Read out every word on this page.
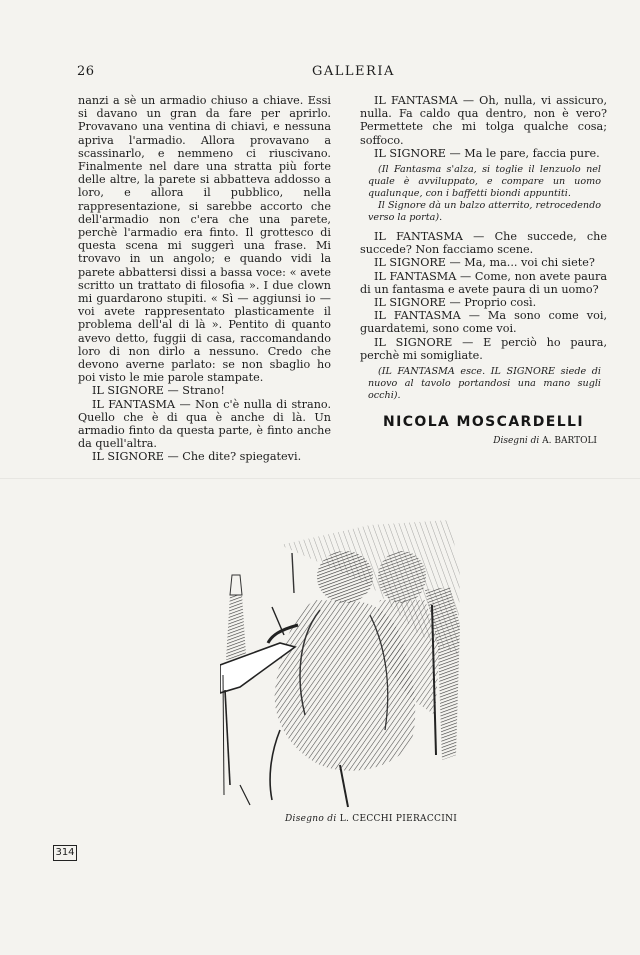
26	GALLERIA

nanzi a sè un armadio chiuso a chiave. Essi si davano un gran da fare per aprirlo. Provavano una ventina di chiavi, e nessuna apriva l'armadio. Allora provavano a scassinarlo, e nemmeno ci riuscivano. Finalmente nel dare una stratta più forte delle altre, la parete si abbatteva addosso a loro, e allora il pubblico, nella rappresentazione, si sarebbe accorto che dell'armadio non c'era che una parete, perchè l'armadio era finto. Il grottesco di questa scena mi suggerì una frase. Mi trovavo in un angolo; e quando vidi la parete abbattersi dissi a bassa voce: « avete scritto un trattato di filosofia ». I due clown mi guardarono stupiti. « Sì — aggiunsi io — voi avete rappresentato plasticamente il problema dell'al di là ». Pentito di quanto avevo detto, fuggii di casa, raccomandando loro di non dirlo a nessuno. Credo che devono averne parlato: se non sbaglio ho poi visto le mie parole stampate.

IL SIGNORE — Strano!

IL FANTASMA — Non c'è nulla di strano. Quello che è di qua è anche di là. Un armadio finto da questa parte, è finto anche da quell'altra.

IL SIGNORE — Che dite? spiegatevi.

IL FANTASMA — Oh, nulla, vi assicuro, nulla. Fa caldo qua dentro, non è vero? Permettete che mi tolga qualche cosa; soffoco.

IL SIGNORE — Ma le pare, faccia pure.

(Il Fantasma s'alza, si toglie il lenzuolo nel quale è avviluppato, e compare un uomo qualunque, con i baffetti biondi appuntiti.

Il Signore dà un balzo atterrito, retrocedendo verso la porta).

IL FANTASMA — Che succede, che succede? Non facciamo scene.

IL SIGNORE — Ma, ma... voi chi siete?

IL FANTASMA — Come, non avete paura di un fantasma e avete paura di un uomo?

IL SIGNORE — Proprio così.

IL FANTASMA — Ma sono come voi, guardatemi, sono come voi.

IL SIGNORE — E perciò ho paura, perchè mi somigliate.

(IL FANTASMA esce. IL SIGNORE siede di nuovo al tavolo portandosi una mano sugli occhi).

NICOLA MOSCARDELLI

Disegni di A. BARTOLI

Disegno di L. CECCHI PIERACCINI
314
